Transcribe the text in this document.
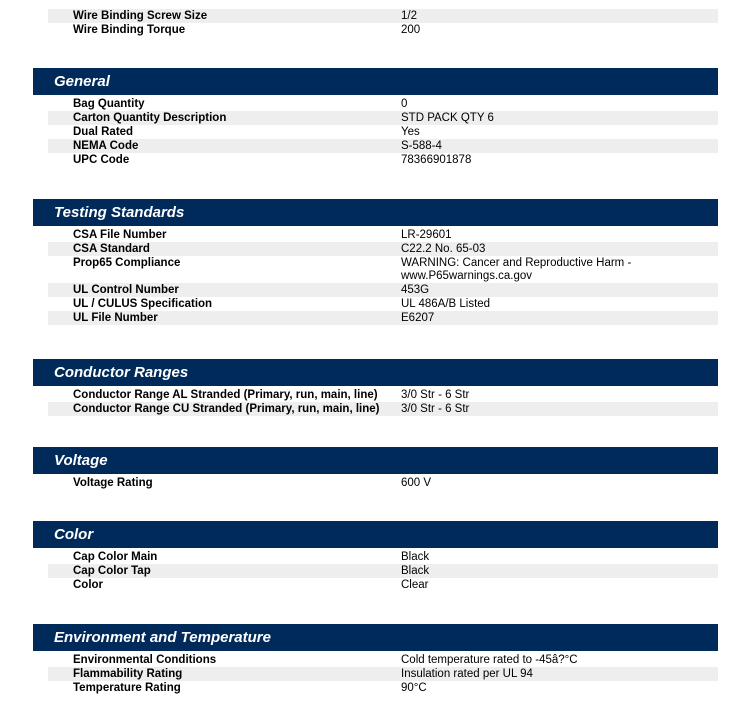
Wire Binding Screw Size	1/2
Wire Binding Torque	200
General
Bag Quantity	0
Carton Quantity Description	STD PACK QTY 6
Dual Rated	Yes
NEMA Code	S-588-4
UPC Code	78366901878
Testing Standards
CSA File Number	LR-29601
CSA Standard	C22.2 No. 65-03
Prop65 Compliance	WARNING: Cancer and Reproductive Harm -
www.P65warnings.ca.gov
UL Control Number	453G
UL / CULUS Specification	UL 486A/B Listed
UL File Number	E6207
Conductor Ranges
Conductor Range AL Stranded (Primary, run, main, line) 3/0 Str - 6 Str
Conductor Range CU Stranded (Primary, run, main, line) 3/0 Str - 6 Str
Voltage
Voltage Rating	600 V
Color
Cap Color Main	Black
Cap Color Tap	Black
Color	Clear
Environment and Temperature
Environmental Conditions	Cold temperature rated to -45â?°C
Flammability Rating	Insulation rated per UL 94
Temperature Rating	90°C
